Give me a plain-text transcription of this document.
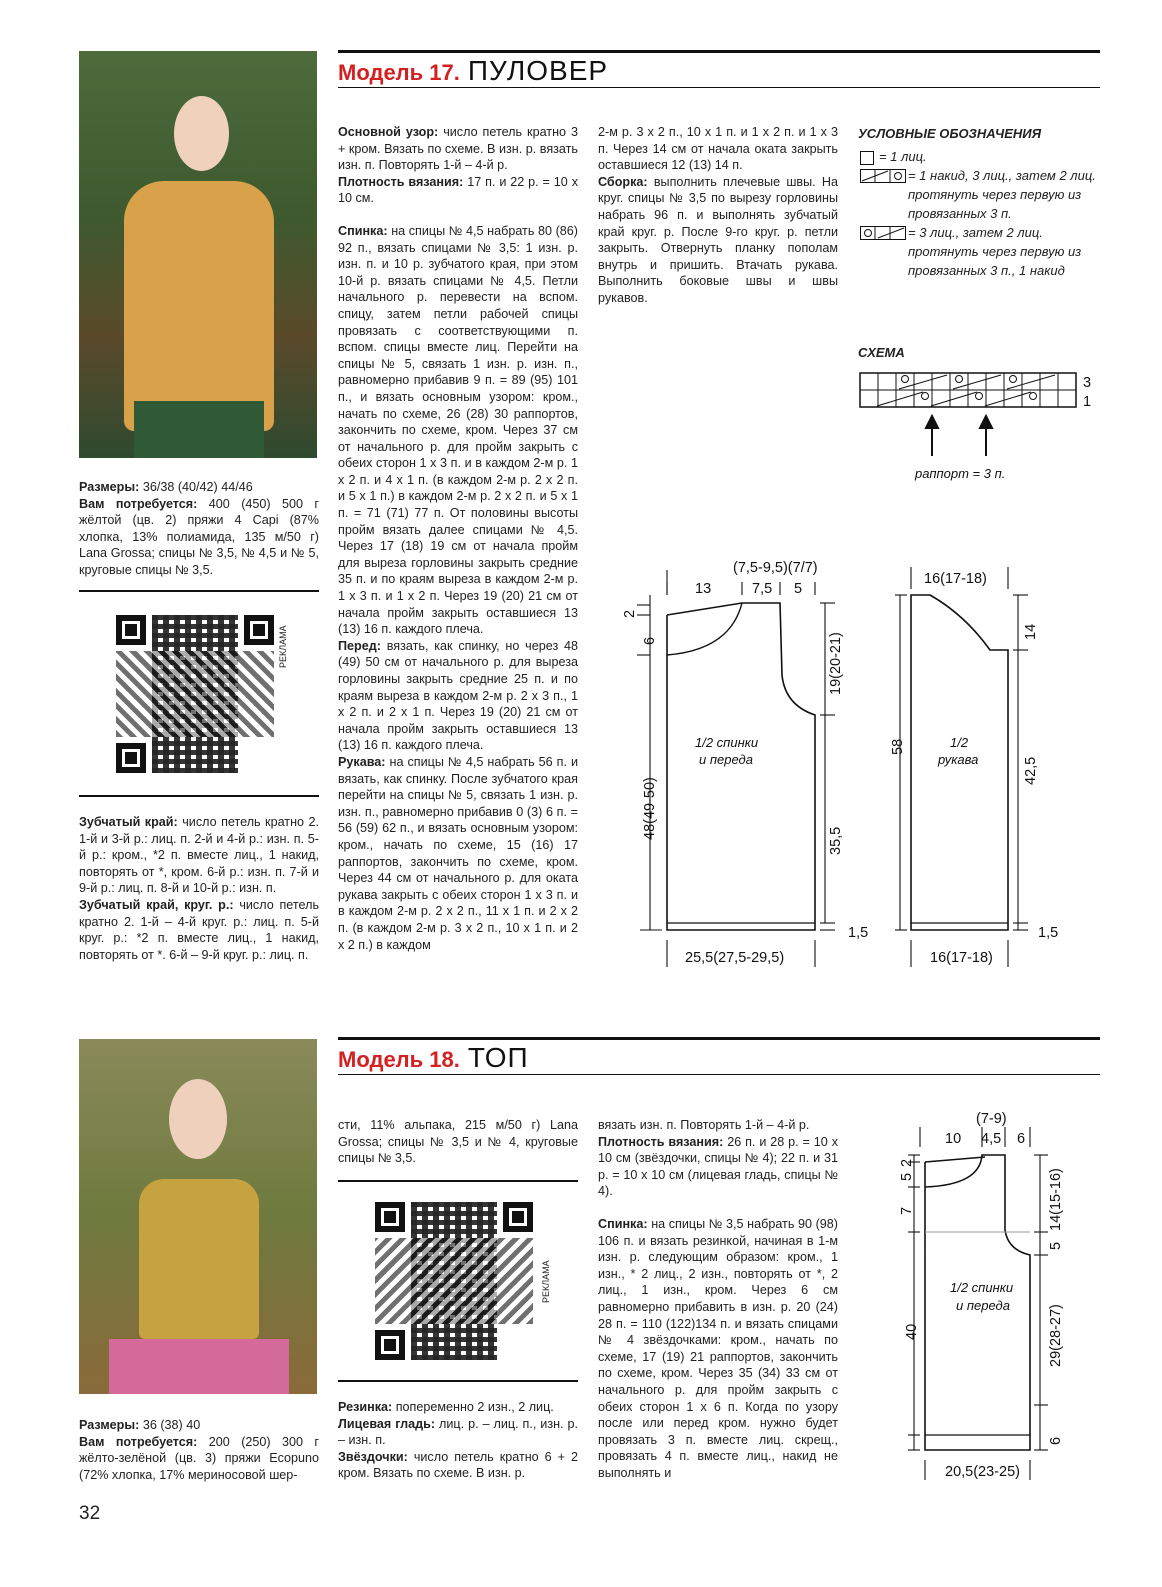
Модель 17. ПУЛОВЕР

Размеры: 36/38 (40/42) 44/46

Вам потребуется: 400 (450) 500 г жёлтой (цв. 2) пряжи 4 Capi (87% хлопка, 13% полиамида, 135 м/50 г) Lana Grossa; спицы № 3,5, № 4,5 и № 5, круговые спицы № 3,5.

РЕКЛАМА

Зубчатый край: число петель кратно 2. 1-й и 3-й р.: лиц. п. 2-й и 4-й р.: изн. п. 5-й р.: кром., *2 п. вместе лиц., 1 накид, повторять от *, кром. 6-й р.: изн. п. 7-й и 9-й р.: лиц. п. 8-й и 10-й р.: изн. п.

Зубчатый край, круг. р.: число петель кратно 2. 1-й – 4-й круг. р.: лиц. п. 5-й круг. р.: *2 п. вместе лиц., 1 накид, повторять от *. 6-й – 9-й круг. р.: лиц. п.

Основной узор: число петель кратно 3 + кром. Вязать по схеме. В изн. р. вязать изн. п. Повторять 1-й – 4-й р.

Плотность вязания: 17 п. и 22 р. = 10 х 10 см.

Спинка: на спицы № 4,5 набрать 80 (86) 92 п., вязать спицами № 3,5: 1 изн. р. изн. п. и 10 р. зубчатого края, при этом 10-й р. вязать спицами № 4,5. Петли начального р. перевести на вспом. спицу, затем петли рабочей спицы провязать с соответствующими п. вспом. спицы вместе лиц. Перейти на спицы № 5, связать 1 изн. р. изн. п., равномерно прибавив 9 п. = 89 (95) 101 п., и вязать основным узором: кром., начать по схеме, 26 (28) 30 раппортов, закончить по схеме, кром. Через 37 см от начального р. для пройм закрыть с обеих сторон 1 х 3 п. и в каждом 2-м р. 1 х 2 п. и 4 х 1 п. (в каждом 2-м р. 2 х 2 п. и 5 х 1 п.) в каждом 2-м р. 2 х 2 п. и 5 х 1 п. = 71 (71) 77 п. От половины высоты пройм вязать далее спицами № 4,5. Через 17 (18) 19 см от начала пройм для выреза горловины закрыть средние 35 п. и по краям выреза в каждом 2-м р. 1 х 3 п. и 1 х 2 п. Через 19 (20) 21 см от начала пройм закрыть оставшиеся 13 (13) 16 п. каждого плеча.

Перед: вязать, как спинку, но через 48 (49) 50 см от начального р. для выреза горловины закрыть средние 25 п. и по краям выреза в каждом 2-м р. 2 х 3 п., 1 х 2 п. и 2 х 1 п. Через 19 (20) 21 см от начала пройм закрыть оставшиеся 13 (13) 16 п. каждого плеча.

Рукава: на спицы № 4,5 набрать 56 п. и вязать, как спинку. После зубчатого края перейти на спицы № 5, связать 1 изн. р. изн. п., равномерно прибавив 0 (3) 6 п. = 56 (59) 62 п., и вязать основным узором: кром., начать по схеме, 15 (16) 17 раппортов, закончить по схеме, кром. Через 44 см от начального р. для оката рукава закрыть с обеих сторон 1 х 3 п. и в каждом 2-м р. 2 х 2 п., 11 х 1 п. и 2 х 2 п. (в каждом 2-м р. 3 х 2 п., 10 х 1 п. и 2 х 2 п.) в каждом

2-м р. 3 х 2 п., 10 х 1 п. и 1 х 2 п. и 1 х 3 п. Через 14 см от начала оката закрыть оставшиеся 12 (13) 14 п.

Сборка: выполнить плечевые швы. На круг. спицы № 3,5 по вырезу горловины набрать 96 п. и выполнять зубчатый край круг. р. После 9-го круг. р. петли закрыть. Отвернуть планку пополам внутрь и пришить. Втачать рукава. Выполнить боковые швы и швы рукавов.

УСЛОВНЫЕ ОБОЗНАЧЕНИЯ
= 1 лиц.
= 1 накид, 3 лиц., затем 2 лиц. протянуть через первую из провязанных 3 п.
= 3 лиц., затем 2 лиц. протянуть через первую из провязанных 3 п., 1 накид
СХЕМА
3
1
раппорт = 3 п.
(7,5-9,5)(7/7)
13	7,5 5
2
6	19(20-21)
48(49-50)
35,5
1,5
25,5(27,5-29,5)
1/2 спинки
и переда
16(17-18)
14
58
42,5
1,5
16(17-18)
1/2
рукава
Модель 18. ТОП

Размеры: 36 (38) 40

Вам потребуется: 200 (250) 300 г жёлто-зелёной (цв. 3) пряжи Ecopuno (72% хлопка, 17% мериносовой шер-

сти, 11% альпака, 215 м/50 г) Lana Grossa; спицы № 3,5 и № 4, круговые спицы № 3,5.

РЕКЛАМА

Резинка: попеременно 2 изн., 2 лиц.

Лицевая гладь: лиц. р. – лиц. п., изн. р. – изн. п.

Звёздочки: число петель кратно 6 + 2 кром. Вязать по схеме. В изн. р.

вязать изн. п. Повторять 1-й – 4-й р.

Плотность вязания: 26 п. и 28 р. = 10 х 10 см (звёздочки, спицы № 4); 22 п. и 31 р. = 10 х 10 см (лицевая гладь, спицы № 4).

Спинка: на спицы № 3,5 набрать 90 (98) 106 п. и вязать резинкой, начиная в 1-м изн. р. следующим образом: кром., 1 изн., * 2 лиц., 2 изн., повторять от *, 2 лиц., 1 изн., кром. Через 6 см равномерно прибавить в изн. р. 20 (24) 28 п. = 110 (122)134 п. и вязать спицами № 4 звёздочками: кром., начать по схеме, 17 (19) 21 раппортов, закончить по схеме, кром. Через 35 (34) 33 см от начального р. для пройм закрыть с обеих сторон 1 х 6 п. Когда по узору после или перед кром. нужно будет провязать 3 п. вместе лиц. скрещ., провязать 4 п. вместе лиц., накид не выполнять и

(7-9)
10 4,5 6
2
5
7	14(15-16)
5
40	29(28-27)
6
20,5(23-25)
1/2 спинки
и переда
32
